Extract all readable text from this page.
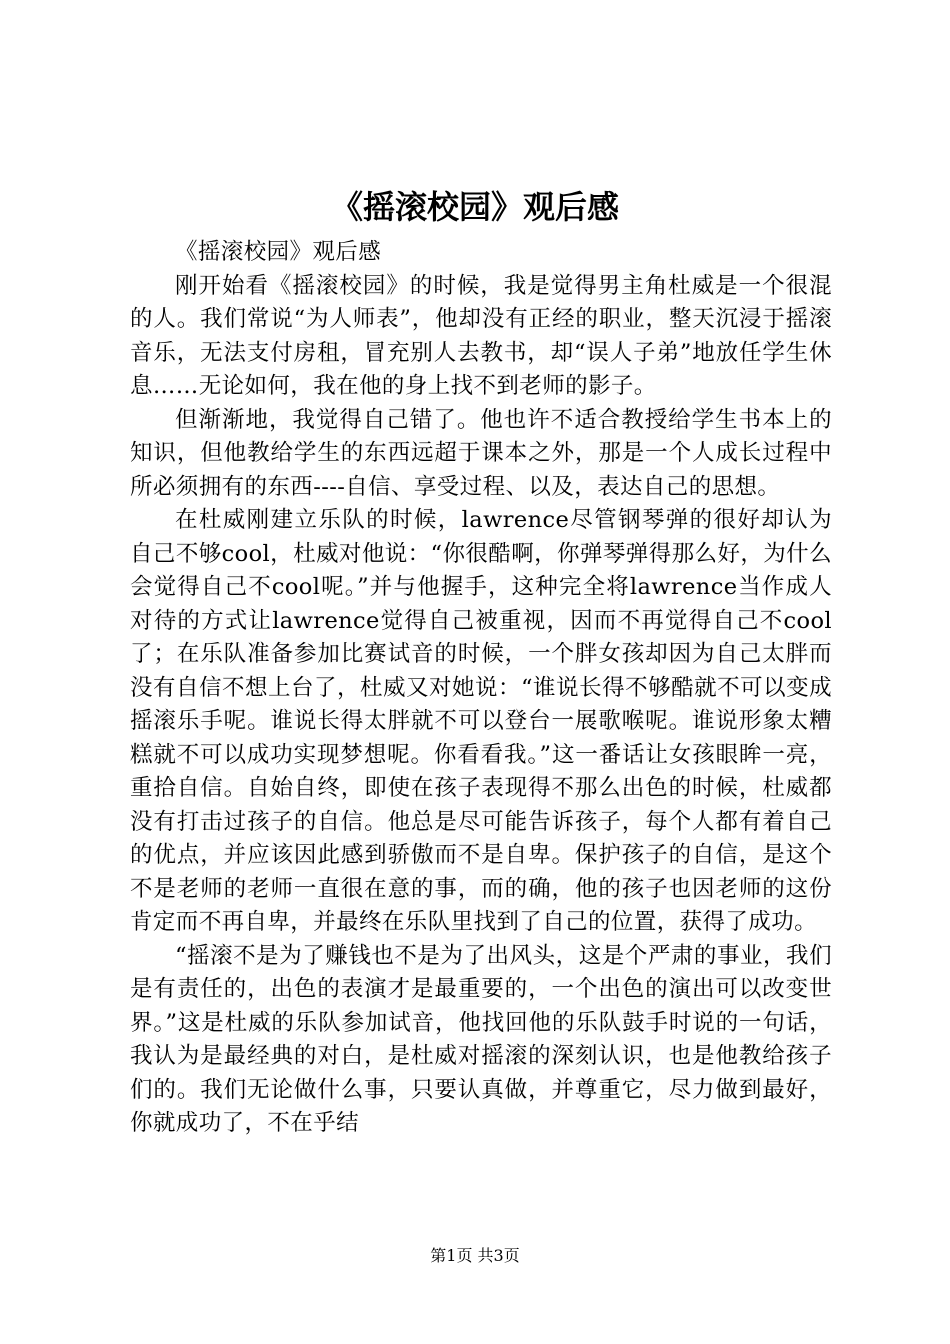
《摇滚校园》观后感

《摇滚校园》观后感

刚开始看《摇滚校园》的时候，我是觉得男主角杜威是一个很混的人。我们常说“为人师表”，他却没有正经的职业，整天沉浸于摇滚音乐，无法支付房租，冒充别人去教书，却“误人子弟”地放任学生休息……无论如何，我在他的身上找不到老师的影子。

但渐渐地，我觉得自己错了。他也许不适合教授给学生书本上的知识，但他教给学生的东西远超于课本之外，那是一个人成长过程中所必须拥有的东西----自信、享受过程、以及，表达自己的思想。

在杜威刚建立乐队的时候，lawrence尽管钢琴弹的很好却认为自己不够cool，杜威对他说：“你很酷啊，你弹琴弹得那么好，为什么会觉得自己不cool呢。”并与他握手，这种完全将lawrence当作成人对待的方式让lawrence觉得自己被重视，因而不再觉得自己不cool了；在乐队准备参加比赛试音的时候，一个胖女孩却因为自己太胖而没有自信不想上台了，杜威又对她说：“谁说长得不够酷就不可以变成摇滚乐手呢。谁说长得太胖就不可以登台一展歌喉呢。谁说形象太糟糕就不可以成功实现梦想呢。你看看我。”这一番话让女孩眼眸一亮，重拾自信。自始自终，即使在孩子表现得不那么出色的时候，杜威都没有打击过孩子的自信。他总是尽可能告诉孩子，每个人都有着自己的优点，并应该因此感到骄傲而不是自卑。保护孩子的自信，是这个不是老师的老师一直很在意的事，而的确，他的孩子也因老师的这份肯定而不再自卑，并最终在乐队里找到了自己的位置，获得了成功。

“摇滚不是为了赚钱也不是为了出风头，这是个严肃的事业，我们是有责任的，出色的表演才是最重要的，一个出色的演出可以改变世界。”这是杜威的乐队参加试音，他找回他的乐队鼓手时说的一句话，我认为是最经典的对白，是杜威对摇滚的深刻认识，也是他教给孩子们的。我们无论做什么事，只要认真做，并尊重它，尽力做到最好，你就成功了，不在乎结

第1页 共3页
